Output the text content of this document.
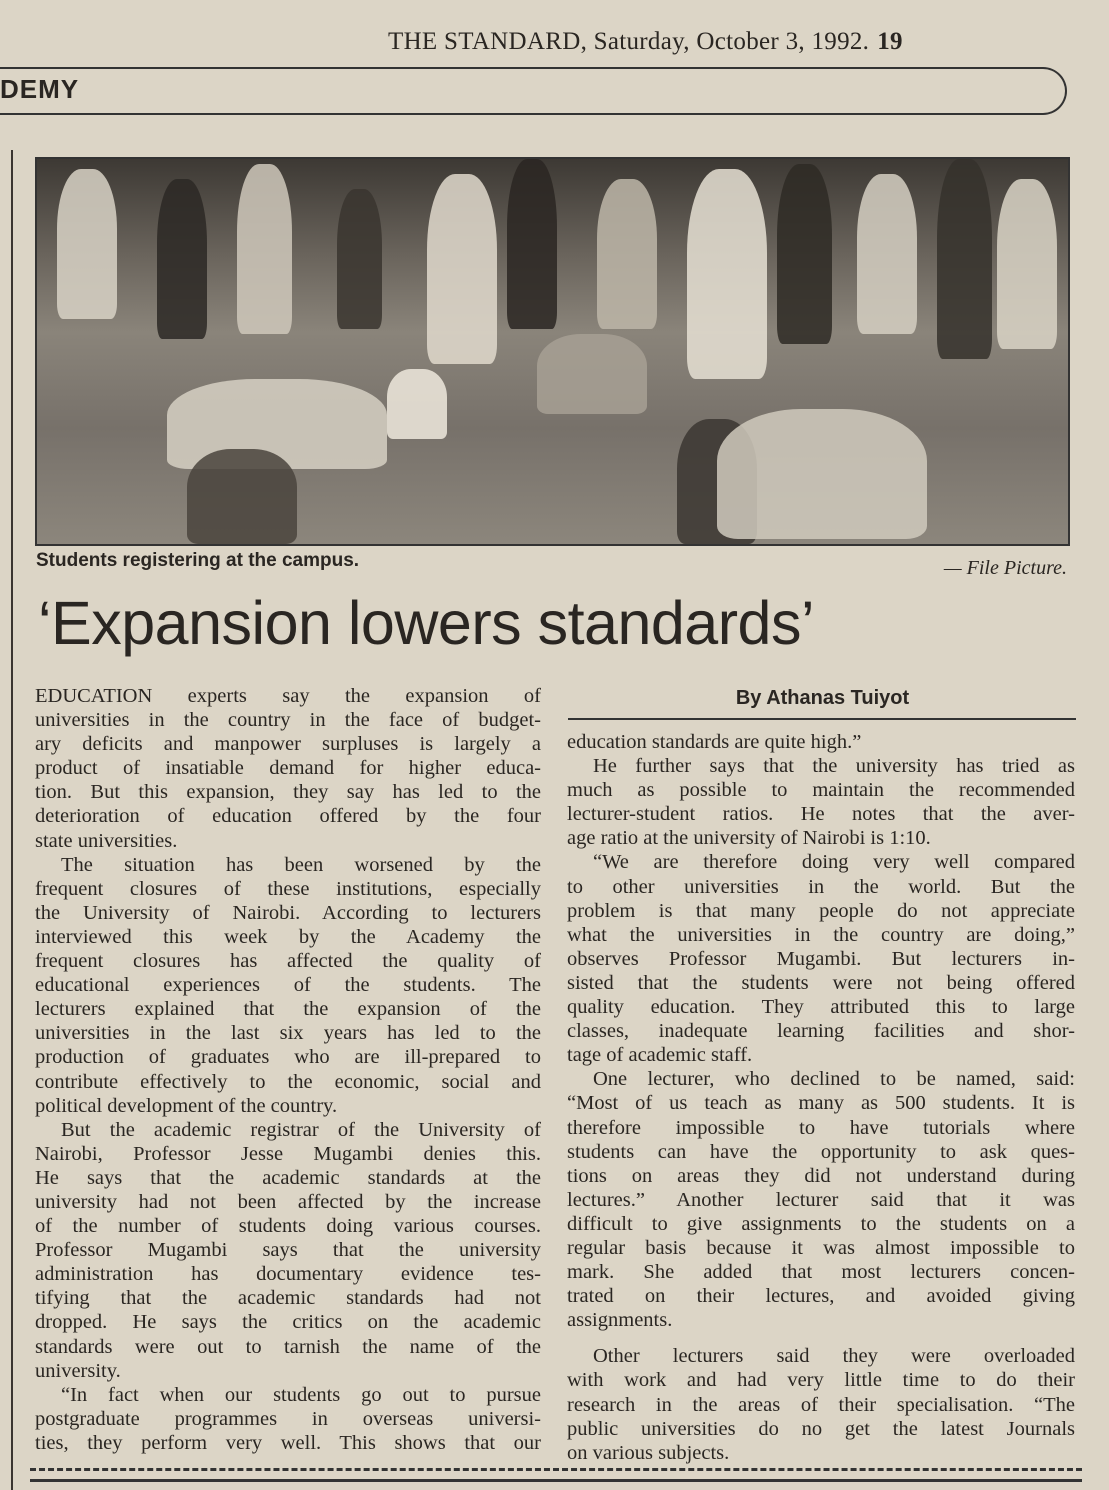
THE STANDARD, Saturday, October 3, 1992. 19
DEMY
Students registering at the campus.	— File Picture.
‘Expansion lowers standards’
By Athanas Tuiyot
EDUCATION experts say the expansion of
universities in the country in the face of budget-
ary deficits and manpower surpluses is largely a
product of insatiable demand for higher educa-
tion. But this expansion, they say has led to the
deterioration of education offered by the four
state universities.
The situation has been worsened by the
frequent closures of these institutions, especially
the University of Nairobi. According to lecturers
interviewed this week by the Academy the
frequent closures has affected the quality of
educational experiences of the students. The
lecturers explained that the expansion of the
universities in the last six years has led to the
production of graduates who are ill-prepared to
contribute effectively to the economic, social and
political development of the country.
But the academic registrar of the University of
Nairobi, Professor Jesse Mugambi denies this.
He says that the academic standards at the
university had not been affected by the increase
of the number of students doing various courses.
Professor Mugambi says that the university
administration has documentary evidence tes-
tifying that the academic standards had not
dropped. He says the critics on the academic
standards were out to tarnish the name of the
university.
“In fact when our students go out to pursue
postgraduate programmes in overseas universi-
ties, they perform very well. This shows that our
education standards are quite high.”
He further says that the university has tried as
much as possible to maintain the recommended
lecturer-student ratios. He notes that the aver-
age ratio at the university of Nairobi is 1:10.
“We are therefore doing very well compared
to other universities in the world. But the
problem is that many people do not appreciate
what the universities in the country are doing,”
observes Professor Mugambi. But lecturers in-
sisted that the students were not being offered
quality education. They attributed this to large
classes, inadequate learning facilities and shor-
tage of academic staff.
One lecturer, who declined to be named, said:
“Most of us teach as many as 500 students. It is
therefore impossible to have tutorials where
students can have the opportunity to ask ques-
tions on areas they did not understand during
lectures.” Another lecturer said that it was
difficult to give assignments to the students on a
regular basis because it was almost impossible to
mark. She added that most lecturers concen-
trated on their lectures, and avoided giving
assignments.
Other lecturers said they were overloaded
with work and had very little time to do their
research in the areas of their specialisation. “The
public universities do no get the latest Journals
on various subjects.
